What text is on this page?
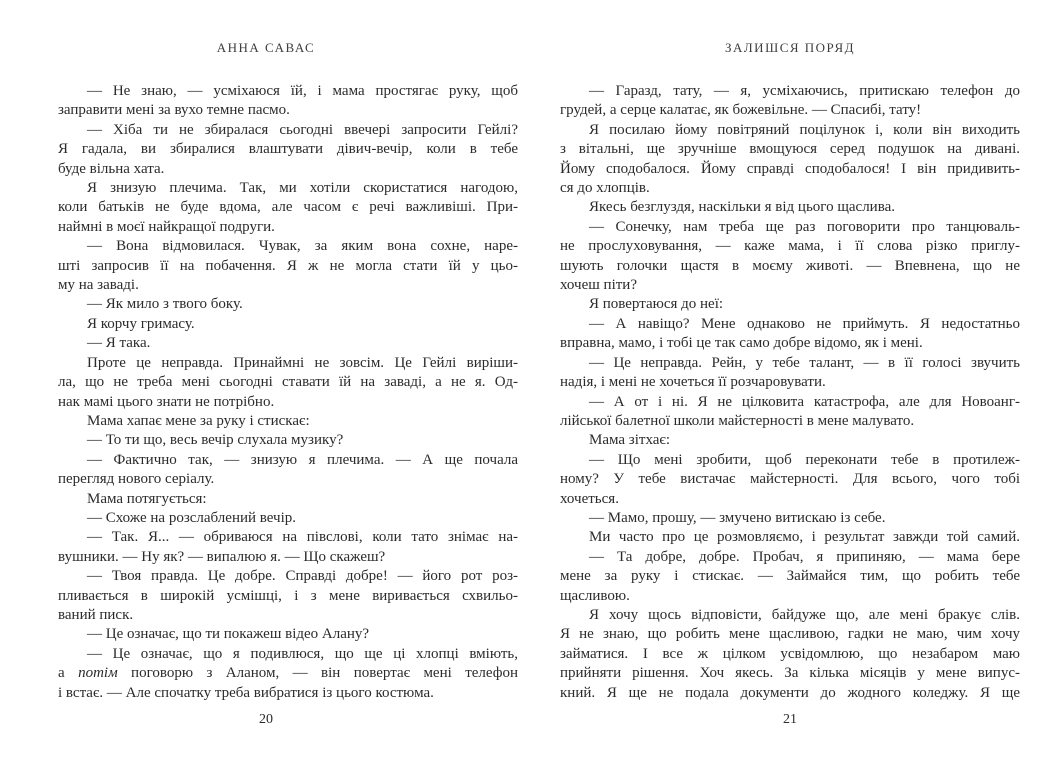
АННА САВАС
— Не знаю, — усміхаюся їй, і мама простягає руку, щоб
заправити мені за вухо темне пасмо.
— Хіба ти не збиралася сьогодні ввечері запросити Гейлі?
Я гадала, ви збиралися влаштувати дівич-вечір, коли в тебе
буде вільна хата.
Я знизую плечима. Так, ми хотіли скористатися нагодою,
коли батьків не буде вдома, але часом є речі важливіші. При-
наймні в моєї найкращої подруги.
— Вона відмовилася. Чувак, за яким вона сохне, наре-
шті запросив її на побачення. Я ж не могла стати їй у цьо-
му на заваді.
— Як мило з твого боку.
Я корчу гримасу.
— Я така.
Проте це неправда. Принаймні не зовсім. Це Гейлі виріши-
ла, що не треба мені сьогодні ставати їй на заваді, а не я. Од-
нак мамі цього знати не потрібно.
Мама хапає мене за руку і стискає:
— То ти що, весь вечір слухала музику?
— Фактично так, — знизую я плечима. — А ще почала
перегляд нового серіалу.
Мама потягується:
— Схоже на розслаблений вечір.
— Так. Я... — обриваюся на півслові, коли тато знімає на-
вушники. — Ну як? — випалюю я. — Що скажеш?
— Твоя правда. Це добре. Справді добре! — його рот роз-
пливається в широкій усмішці, і з мене виривається схвильо-
ваний писк.
— Це означає, що ти покажеш відео Алану?
— Це означає, що я подивлюся, що ще ці хлопці вміють,
а потім поговорю з Аланом, — він повертає мені телефон
і встає. — Але спочатку треба вибратися із цього костюма.
20
ЗАЛИШСЯ ПОРЯД
— Гаразд, тату, — я, усміхаючись, притискаю телефон до
грудей, а серце калатає, як божевільне. — Спасибі, тату!
Я посилаю йому повітряний поцілунок і, коли він виходить
з вітальні, ще зручніше вмощуюся серед подушок на дивані.
Йому сподобалося. Йому справді сподобалося! І він придивить-
ся до хлопців.
Якесь безглуздя, наскільки я від цього щаслива.
— Сонечку, нам треба ще раз поговорити про танцюваль-
не прослуховування, — каже мама, і її слова різко приглу-
шують голочки щастя в моєму животі. — Впевнена, що не
хочеш піти?
Я повертаюся до неї:
— А навіщо? Мене однаково не приймуть. Я недостатньо
вправна, мамо, і тобі це так само добре відомо, як і мені.
— Це неправда. Рейн, у тебе талант, — в її голосі звучить
надія, і мені не хочеться її розчаровувати.
— А от і ні. Я не цілковита катастрофа, але для Новоанг-
лійської балетної школи майстерності в мене малувато.
Мама зітхає:
— Що мені зробити, щоб переконати тебе в протилеж-
ному? У тебе вистачає майстерності. Для всього, чого тобі
хочеться.
— Мамо, прошу, — змучено витискаю із себе.
Ми часто про це розмовляємо, і результат завжди той самий.
— Та добре, добре. Пробач, я припиняю, — мама бере
мене за руку і стискає. — Займайся тим, що робить тебе
щасливою.
Я хочу щось відповісти, байдуже що, але мені бракує слів.
Я не знаю, що робить мене щасливою, гадки не маю, чим хочу
займатися. І все ж цілком усвідомлюю, що незабаром маю
прийняти рішення. Хоч якесь. За кілька місяців у мене випус-
кний. Я ще не подала документи до жодного коледжу. Я ще
21
